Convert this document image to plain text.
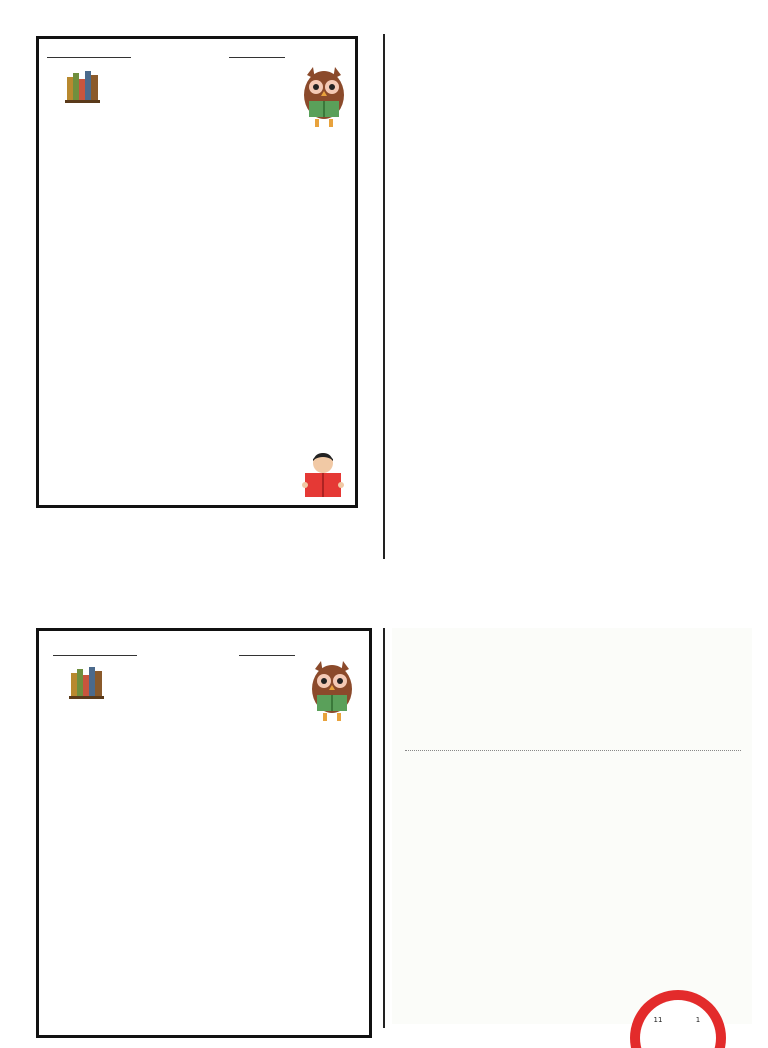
11	1
